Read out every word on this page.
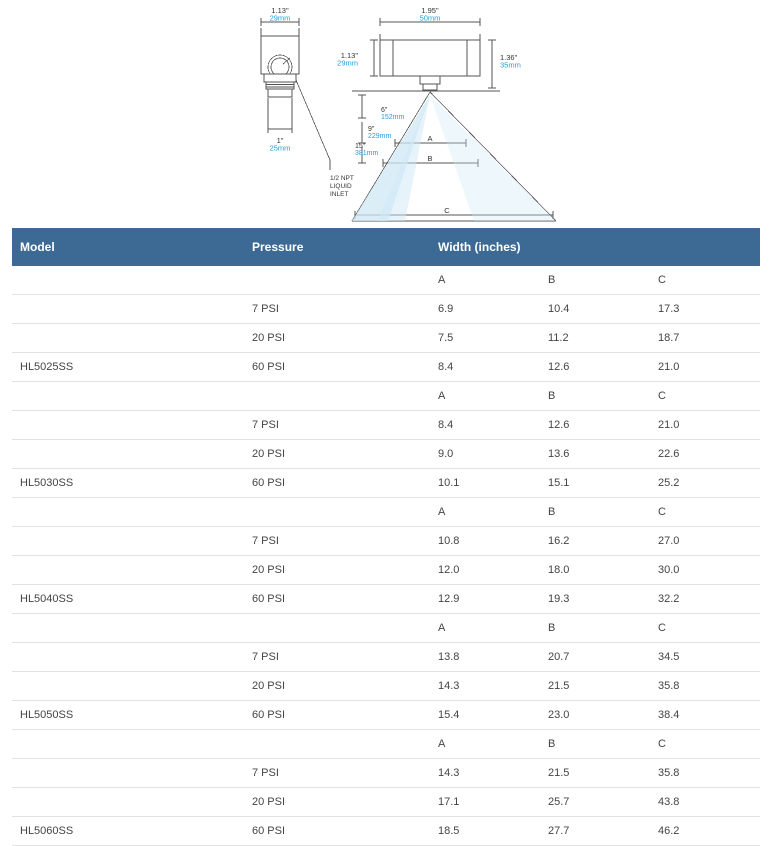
1.13"
29mm
1"
25mm
1/2 NPT
LIQUID
INLET
1.95"
50mm
1.13"
29mm
1.36"
35mm
6"
152mm
9"
229mm
15"
381mm
A
B
C
Model	Pressure	Width (inches)		
		A	B	C
	7 PSI	6.9	10.4	17.3
	20 PSI	7.5	11.2	18.7
HL5025SS	60 PSI	8.4	12.6	21.0
		A	B	C
	7 PSI	8.4	12.6	21.0
	20 PSI	9.0	13.6	22.6
HL5030SS	60 PSI	10.1	15.1	25.2
		A	B	C
	7 PSI	10.8	16.2	27.0
	20 PSI	12.0	18.0	30.0
HL5040SS	60 PSI	12.9	19.3	32.2
		A	B	C
	7 PSI	13.8	20.7	34.5
	20 PSI	14.3	21.5	35.8
HL5050SS	60 PSI	15.4	23.0	38.4
		A	B	C
	7 PSI	14.3	21.5	35.8
	20 PSI	17.1	25.7	43.8
HL5060SS	60 PSI	18.5	27.7	46.2
